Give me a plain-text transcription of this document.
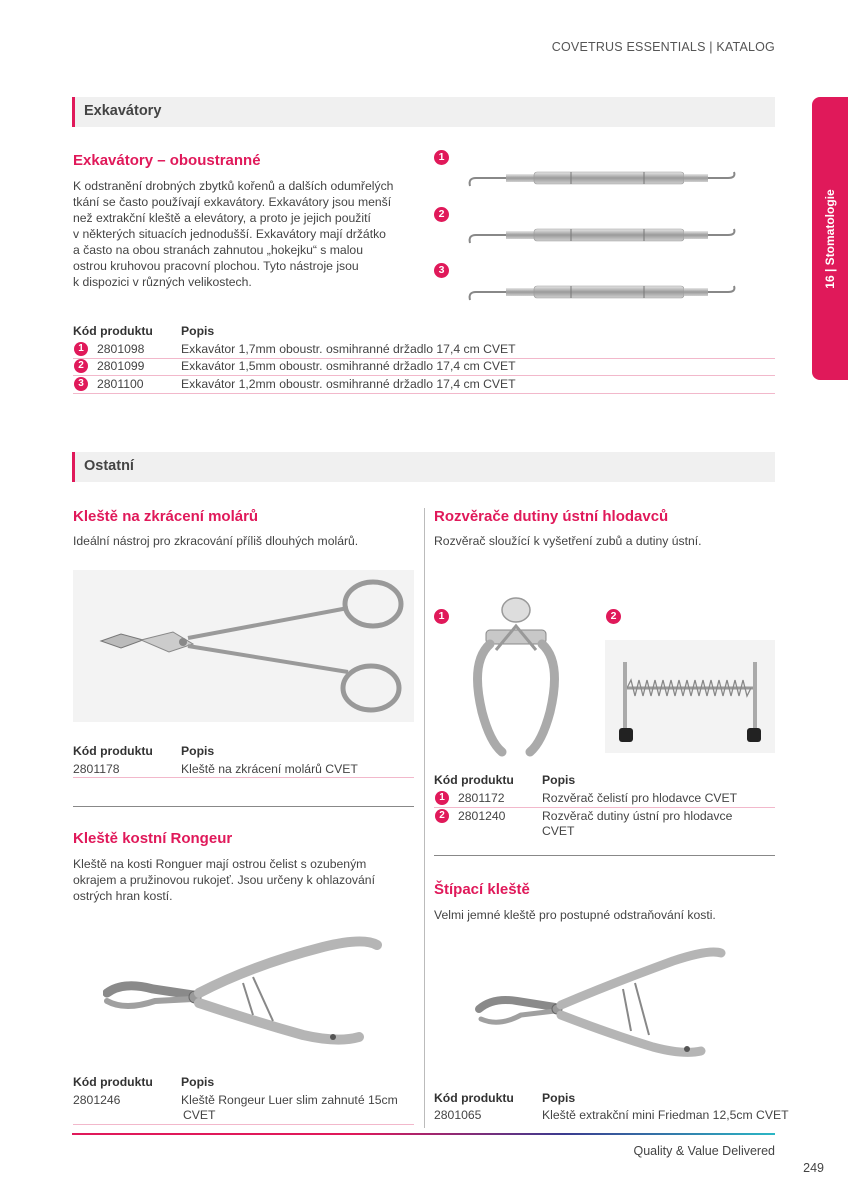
COVETRUS ESSENTIALS | KATALOG
16 | Stomatologie
Exkavátory
Exkavátory – oboustranné
K odstranění drobných zbytků kořenů a dalších odumřelých
tkání se často používají exkavátory. Exkavátory jsou menší
než extrakční kleště a elevátory, a proto je jejich použití
v některých situacích jednodušší. Exkavátory mají držátko
a často na obou stranách zahnutou „hokejku“ s malou
ostrou kruhovou pracovní plochou. Tyto nástroje jsou
k dispozici v různých velikostech.
1
2
3
Kód produktu Popis
1	2801098	Exkavátor 1,7mm oboustr. osmihranné držadlo 17,4 cm CVET
2	2801099	Exkavátor 1,5mm oboustr. osmihranné držadlo 17,4 cm CVET
3	2801100	Exkavátor 1,2mm oboustr. osmihranné držadlo 17,4 cm CVET
Ostatní
Kleště na zkrácení molárů
Ideální nástroj pro zkracování příliš dlouhých molárů.
Kód produktu Popis
2801178	Kleště na zkrácení molárů CVET
Kleště kostní Rongeur
Kleště na kosti Ronguer mají ostrou čelist s ozubeným
okrajem a pružinovou rukojeť. Jsou určeny k ohlazování
ostrých hran kostí.
Kód produktu Popis
2801246	Kleště Rongeur Luer slim zahnuté 15cm
CVET
Rozvěrače dutiny ústní hlodavců
Rozvěrač sloužící k vyšetření zubů a dutiny ústní.
1	2
Kód produktu Popis
1	2801172	Rozvěrač čelistí pro hlodavce CVET
2	2801240	Rozvěrač dutiny ústní pro hlodavce
CVET
Štípací kleště
Velmi jemné kleště pro postupné odstraňování kosti.
Kód produktu Popis
2801065	Kleště extrakční mini Friedman 12,5cm CVET
Quality & Value Delivered
249
